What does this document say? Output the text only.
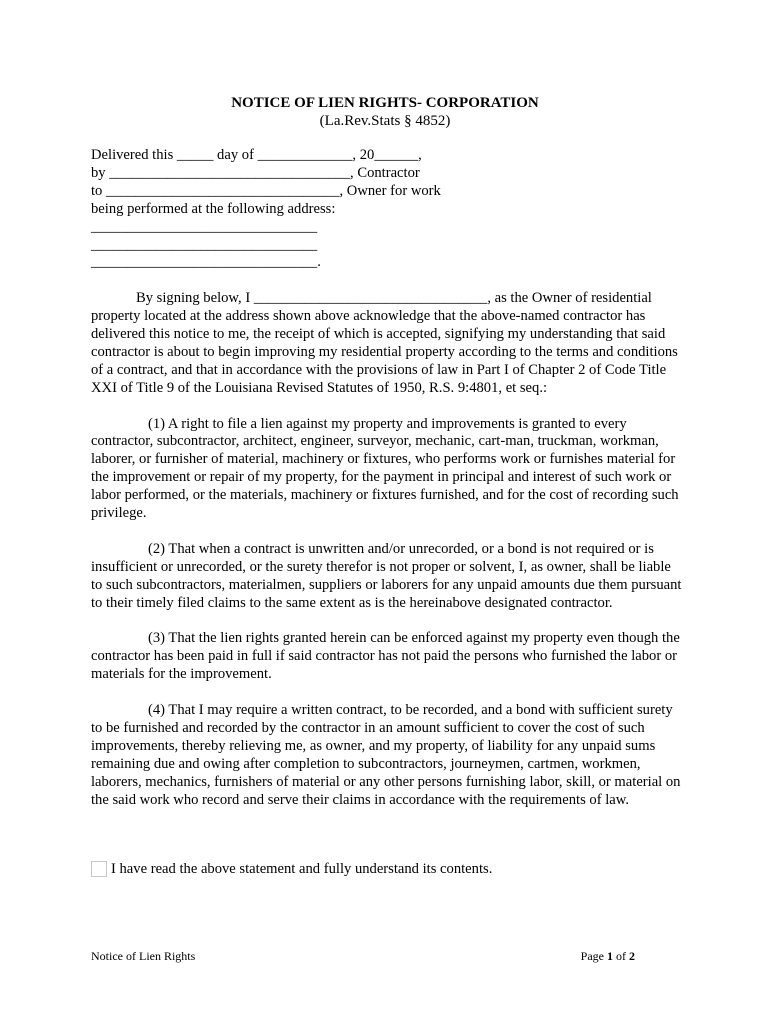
NOTICE OF LIEN RIGHTS- CORPORATION
(La.Rev.Stats § 4852)
Delivered this _____ day of _____________, 20______,
by _________________________________, Contractor
to ________________________________, Owner for work
being performed at the following address:
_______________________________
_______________________________
_______________________________.

By signing below, I ________________________________, as the Owner of residential property located at the address shown above acknowledge that the above-named contractor has delivered this notice to me, the receipt of which is accepted, signifying my understanding that said contractor is about to begin improving my residential property according to the terms and conditions of a contract, and that in accordance with the provisions of law in Part I of Chapter 2 of Code Title XXI of Title 9 of the Louisiana Revised Statutes of 1950, R.S. 9:4801, et seq.:

(1) A right to file a lien against my property and improvements is granted to every contractor, subcontractor, architect, engineer, surveyor, mechanic, cart-man, truckman, workman, laborer, or furnisher of material, machinery or fixtures, who performs work or furnishes material for the improvement or repair of my property, for the payment in principal and interest of such work or labor performed, or the materials, machinery or fixtures furnished, and for the cost of recording such privilege.

(2) That when a contract is unwritten and/or unrecorded, or a bond is not required or is insufficient or unrecorded, or the surety therefor is not proper or solvent, I, as owner, shall be liable to such subcontractors, materialmen, suppliers or laborers for any unpaid amounts due them pursuant to their timely filed claims to the same extent as is the hereinabove designated contractor.

(3) That the lien rights granted herein can be enforced against my property even though the contractor has been paid in full if said contractor has not paid the persons who furnished the labor or materials for the improvement.

(4) That I may require a written contract, to be recorded, and a bond with sufficient surety to be furnished and recorded by the contractor in an amount sufficient to cover the cost of such improvements, thereby relieving me, as owner, and my property, of liability for any unpaid sums remaining due and owing after completion to subcontractors, journeymen, cartmen, workmen, laborers, mechanics, furnishers of material or any other persons furnishing labor, skill, or material on the said work who record and serve their claims in accordance with the requirements of law.

I have read the above statement and fully understand its contents.
Notice of Lien Rights	Page 1 of 2
